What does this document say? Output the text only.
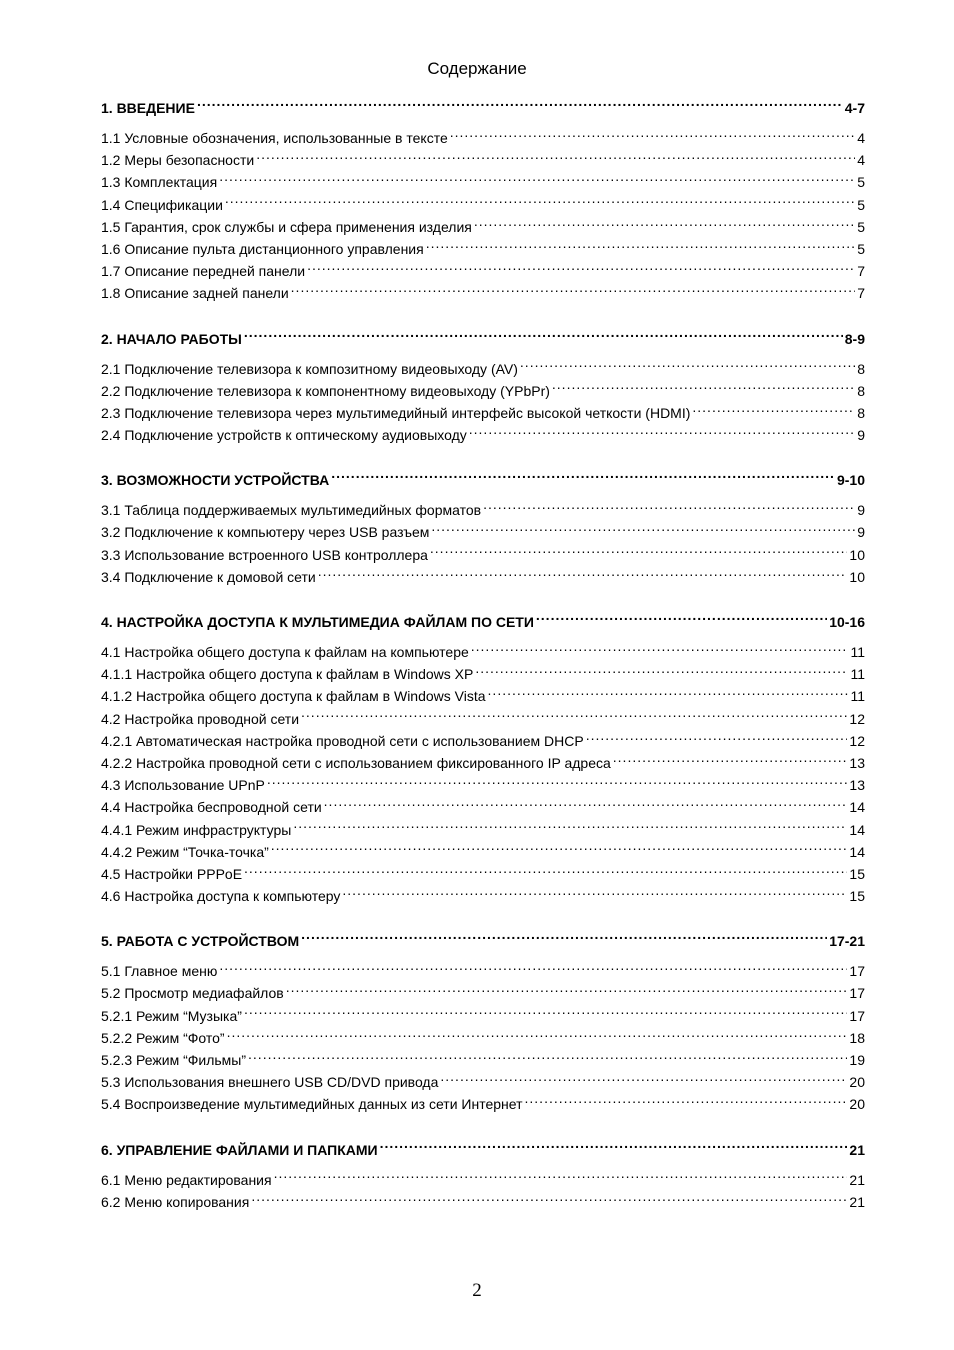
Содержание
1. ВВЕДЕНИЕ .....	4-7
1.1 Условные обозначения, использованные в тексте .....	4
1.2 Меры безопасности .....	4
1.3 Комплектация .....	5
1.4 Спецификации .....	5
1.5 Гарантия, срок службы и сфера применения изделия .....	5
1.6 Описание пульта дистанционного управления .....	5
1.7 Описание передней панели .....	7
1.8 Описание задней панели .....	7
2. НАЧАЛО РАБОТЫ .....	8-9
2.1 Подключение телевизора к композитному видеовыходу (AV) .....	8
2.2 Подключение телевизора к компонентному видеовыходу (YPbPr) .....	8
2.3 Подключение телевизора через мультимедийный интерфейс высокой четкости (HDMI) .....	8
2.4 Подключение устройств к оптическому аудиовыходу .....	9
3. ВОЗМОЖНОСТИ УСТРОЙСТВА .....	9-10
3.1 Таблица поддерживаемых мультимедийных форматов .....	9
3.2 Подключение к компьютеру через USB разъем .....	9
3.3 Использование встроенного USB контроллера .....	10
3.4 Подключение к домовой сети .....	10
4. НАСТРОЙКА ДОСТУПА К МУЛЬТИМЕДИА ФАЙЛАМ ПО СЕТИ .....	10-16
4.1 Настройка общего доступа к файлам на компьютере .....	11
4.1.1 Настройка общего доступа к файлам в Windows XP .....	11
4.1.2 Настройка общего доступа к файлам в Windows Vista .....	11
4.2 Настройка проводной сети .....	12
4.2.1 Автоматическая настройка проводной сети с использованием DHCP .....	12
4.2.2 Настройка проводной сети с использованием фиксированного IP адреса .....	13
4.3 Использование UPnP .....	13
4.4 Настройка беспроводной сети .....	14
4.4.1 Режим инфраструктуры .....	14
4.4.2 Режим “Точка-точка” .....	14
4.5 Настройки PPPoE .....	15
4.6 Настройка доступа к компьютеру .....	15
5. РАБОТА С УСТРОЙСТВОМ .....	17-21
5.1 Главное меню .....	17
5.2 Просмотр медиафайлов .....	17
5.2.1 Режим “Музыка” .....	17
5.2.2 Режим “Фото” .....	18
5.2.3 Режим “Фильмы” .....	19
5.3 Использования внешнего USB CD/DVD привода .....	20
5.4 Воспроизведение мультимедийных данных из сети Интернет .....	20
6. УПРАВЛЕНИЕ ФАЙЛАМИ И ПАПКАМИ .....	21
6.1 Меню редактирования .....	21
6.2 Меню копирования .....	21
2
